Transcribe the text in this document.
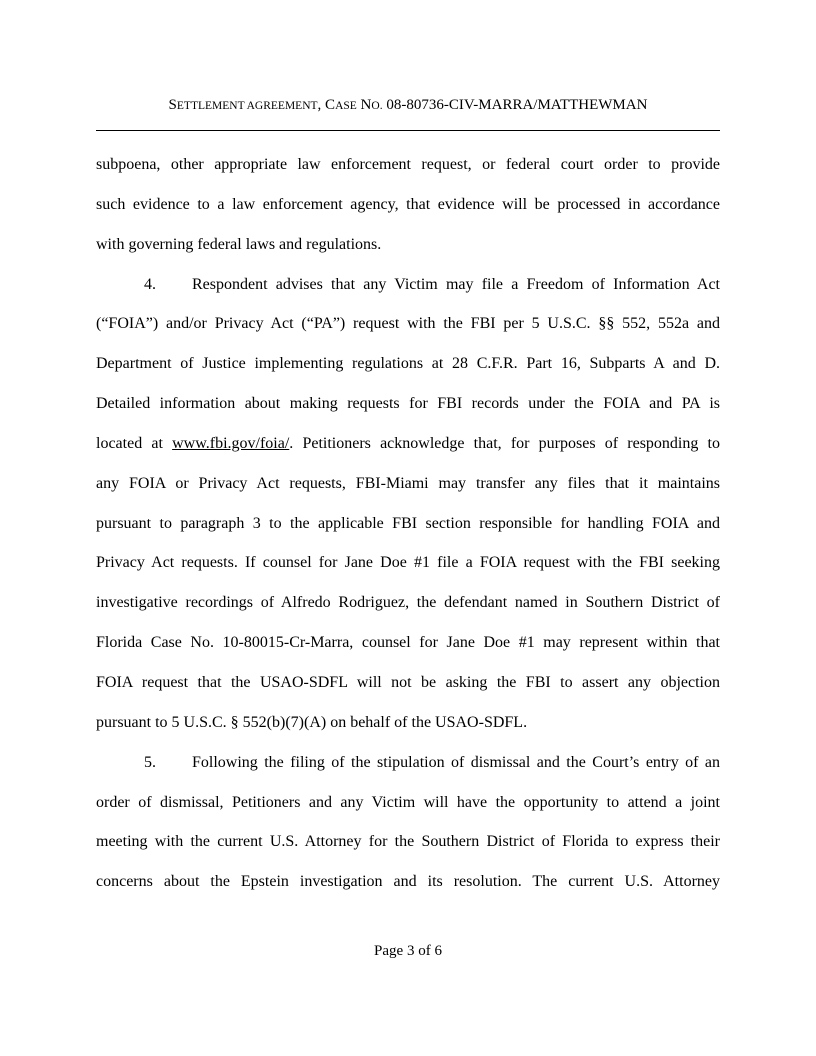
SETTLEMENT AGREEMENT, CASE NO. 08-80736-CIV-MARRA/MATTHEWMAN
subpoena, other appropriate law enforcement request, or federal court order to provide
such evidence to a law enforcement agency, that evidence will be processed in accordance
with governing federal laws and regulations.
4. Respondent advises that any Victim may file a Freedom of Information Act
(“FOIA”) and/or Privacy Act (“PA”) request with the FBI per 5 U.S.C. §§ 552, 552a and
Department of Justice implementing regulations at 28 C.F.R. Part 16, Subparts A and D.
Detailed information about making requests for FBI records under the FOIA and PA is
located at www.fbi.gov/foia/. Petitioners acknowledge that, for purposes of responding to
any FOIA or Privacy Act requests, FBI-Miami may transfer any files that it maintains
pursuant to paragraph 3 to the applicable FBI section responsible for handling FOIA and
Privacy Act requests. If counsel for Jane Doe #1 file a FOIA request with the FBI seeking
investigative recordings of Alfredo Rodriguez, the defendant named in Southern District of
Florida Case No. 10-80015-Cr-Marra, counsel for Jane Doe #1 may represent within that
FOIA request that the USAO-SDFL will not be asking the FBI to assert any objection
pursuant to 5 U.S.C. § 552(b)(7)(A) on behalf of the USAO-SDFL.
5. Following the filing of the stipulation of dismissal and the Court’s entry of an
order of dismissal, Petitioners and any Victim will have the opportunity to attend a joint
meeting with the current U.S. Attorney for the Southern District of Florida to express their
concerns about the Epstein investigation and its resolution. The current U.S. Attorney
Page 3 of 6
